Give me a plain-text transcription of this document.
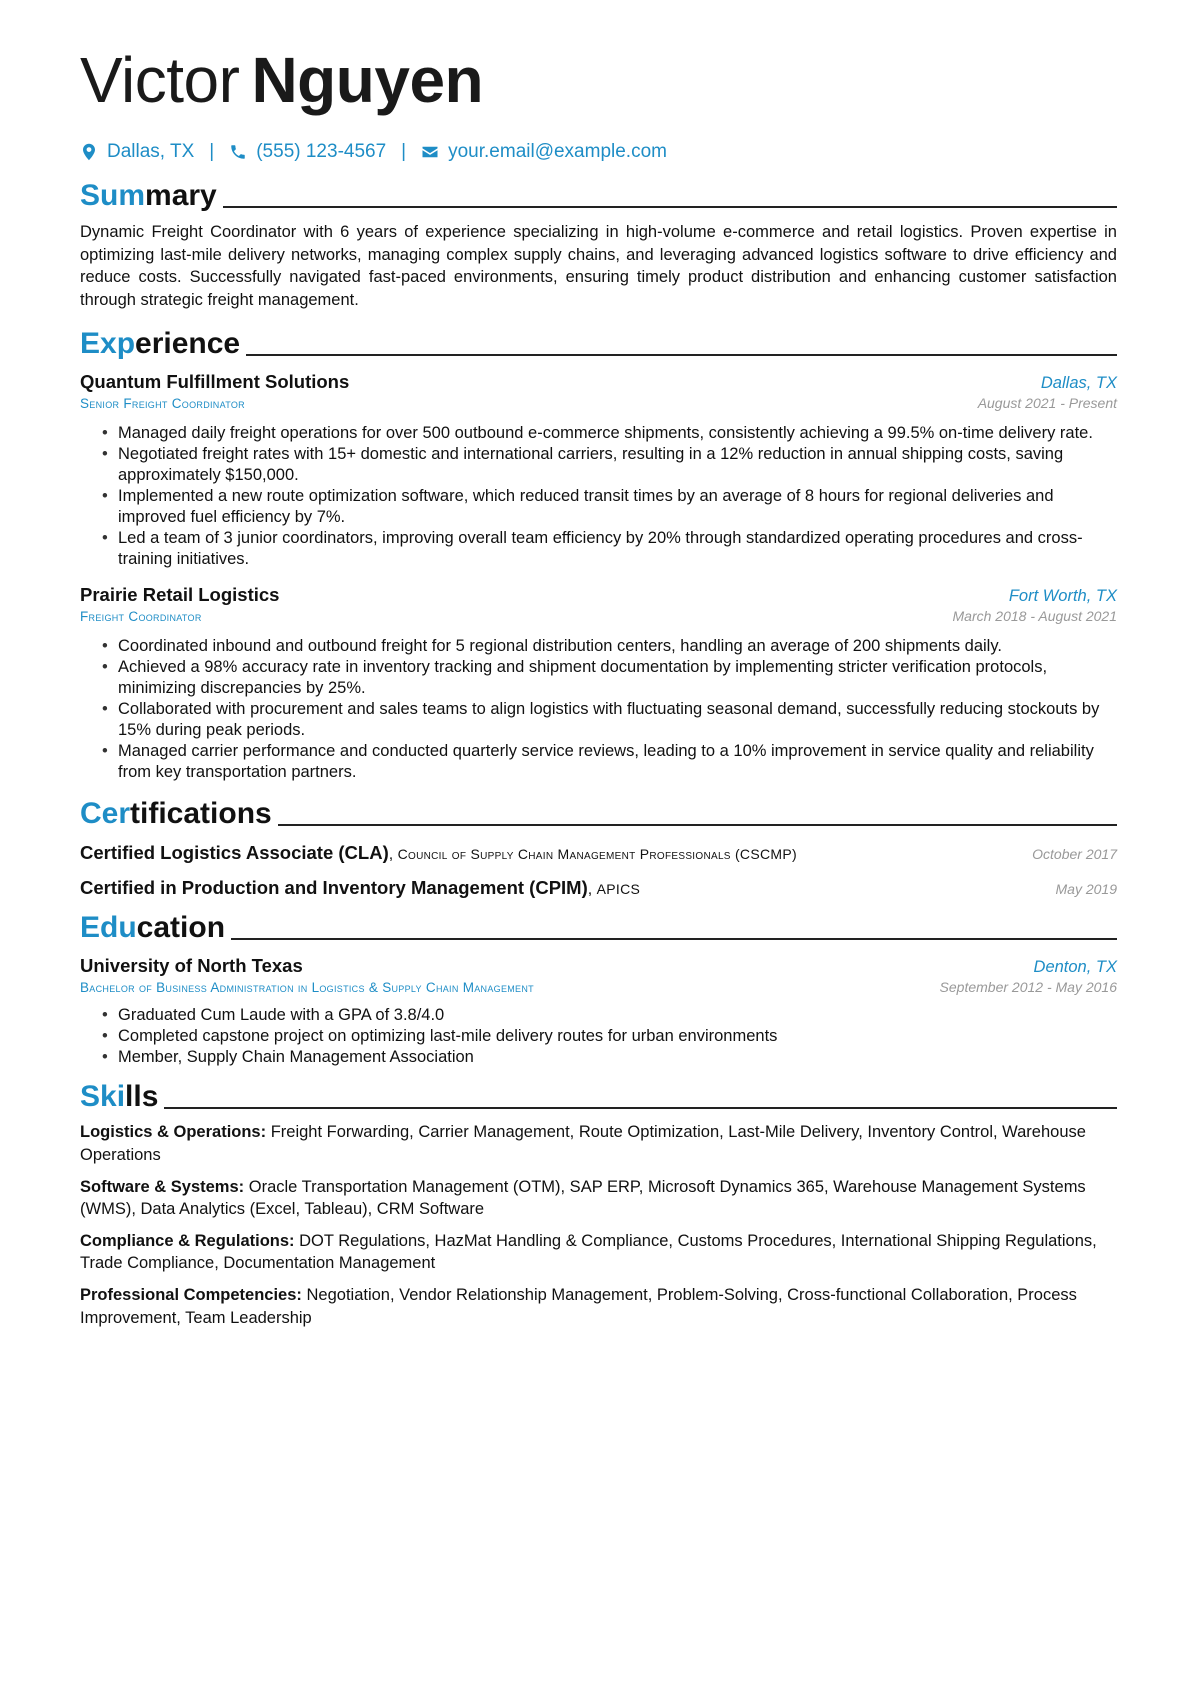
Victor Nguyen
Dallas, TX | (555) 123-4567 | your.email@example.com
Summary

Dynamic Freight Coordinator with 6 years of experience specializing in high-volume e-commerce and retail logistics. Proven expertise in optimizing last-mile delivery networks, managing complex supply chains, and leveraging advanced logistics software to drive efficiency and reduce costs. Successfully navigated fast-paced environments, ensuring timely product distribution and enhancing customer satisfaction through strategic freight management.

Experience
Quantum Fulfillment Solutions	Dallas, TX
Senior Freight Coordinator	August 2021 - Present
• Managed daily freight operations for over 500 outbound e-commerce shipments, consistently achieving a 99.5% on-time delivery rate.
• Negotiated freight rates with 15+ domestic and international carriers, resulting in a 12% reduction in annual shipping costs, saving approximately $150,000.
• Implemented a new route optimization software, which reduced transit times by an average of 8 hours for regional deliveries and improved fuel efficiency by 7%.
• Led a team of 3 junior coordinators, improving overall team efficiency by 20% through standardized operating procedures and cross-training initiatives.
Prairie Retail Logistics	Fort Worth, TX
Freight Coordinator	March 2018 - August 2021
• Coordinated inbound and outbound freight for 5 regional distribution centers, handling an average of 200 shipments daily.
• Achieved a 98% accuracy rate in inventory tracking and shipment documentation by implementing stricter verification protocols, minimizing discrepancies by 25%.
• Collaborated with procurement and sales teams to align logistics with fluctuating seasonal demand, successfully reducing stockouts by 15% during peak periods.
• Managed carrier performance and conducted quarterly service reviews, leading to a 10% improvement in service quality and reliability from key transportation partners.
Certifications
Certified Logistics Associate (CLA), Council of Supply Chain Management Professionals (CSCMP)	October 2017
Certified in Production and Inventory Management (CPIM), APICS	May 2019
Education
University of North Texas	Denton, TX
Bachelor of Business Administration in Logistics & Supply Chain Management	September 2012 - May 2016
• Graduated Cum Laude with a GPA of 3.8/4.0
• Completed capstone project on optimizing last-mile delivery routes for urban environments
• Member, Supply Chain Management Association
Skills
Logistics & Operations: Freight Forwarding, Carrier Management, Route Optimization, Last-Mile Delivery, Inventory Control, Warehouse Operations
Software & Systems: Oracle Transportation Management (OTM), SAP ERP, Microsoft Dynamics 365, Warehouse Management Systems (WMS), Data Analytics (Excel, Tableau), CRM Software
Compliance & Regulations: DOT Regulations, HazMat Handling & Compliance, Customs Procedures, International Shipping Regulations, Trade Compliance, Documentation Management
Professional Competencies: Negotiation, Vendor Relationship Management, Problem-Solving, Cross-functional Collaboration, Process Improvement, Team Leadership
